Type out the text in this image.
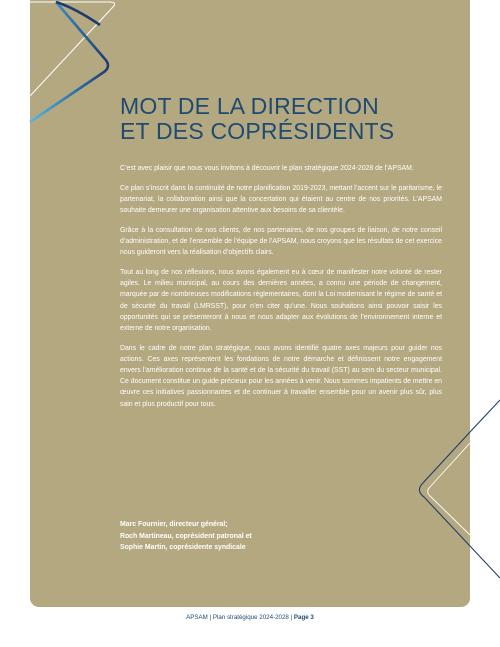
MOT DE LA DIRECTION
ET DES COPRÉSIDENTS

C’est avec plaisir que nous vous invitons à découvrir le plan stratégique 2024-2028 de l’APSAM.

Ce plan s’inscrit dans la continuité de notre planification 2019-2023, mettant l’accent sur le paritarisme, le partenariat, la collaboration ainsi que la concertation qui étaient au centre de nos priorités. L’APSAM souhaite demeurer une organisation attentive aux besoins de sa clientèle.

Grâce à la consultation de nos clients, de nos partenaires, de nos groupes de liaison, de notre conseil d’administration, et de l’ensemble de l’équipe de l’APSAM, nous croyons que les résultats de cet exercice nous guideront vers la réalisation d’objectifs clairs.

Tout au long de nos réflexions, nous avons également eu à cœur de manifester notre volonté de rester agiles. Le milieu municipal, au cours des dernières années, a connu une période de changement, marquée par de nombreuses modifications réglementaires, dont la Loi modernisant le régime de santé et de sécurité du travail (LMRSST), pour n’en citer qu’une. Nous souhaitons ainsi pouvoir saisir les opportunités qui se présenteront à nous et nous adapter aux évolutions de l’environnement interne et externe de notre organisation.

Dans le cadre de notre plan stratégique, nous avons identifié quatre axes majeurs pour guider nos actions. Ces axes représentent les fondations de notre démarche et définissent notre engagement envers l’amélioration continue de la santé et de la sécurité du travail (SST) au sein du secteur municipal. Ce document constitue un guide précieux pour les années à venir. Nous sommes impatients de mettre en œuvre ces initiatives passionnantes et de continuer à travailler ensemble pour un avenir plus sûr, plus sain et plus productif pour tous.

Marc Fournier, directeur général;
Roch Martineau, coprésident patronal et
Sophie Martin, coprésidente syndicale
APSAM | Plan stratégique 2024-2028 | Page 3
